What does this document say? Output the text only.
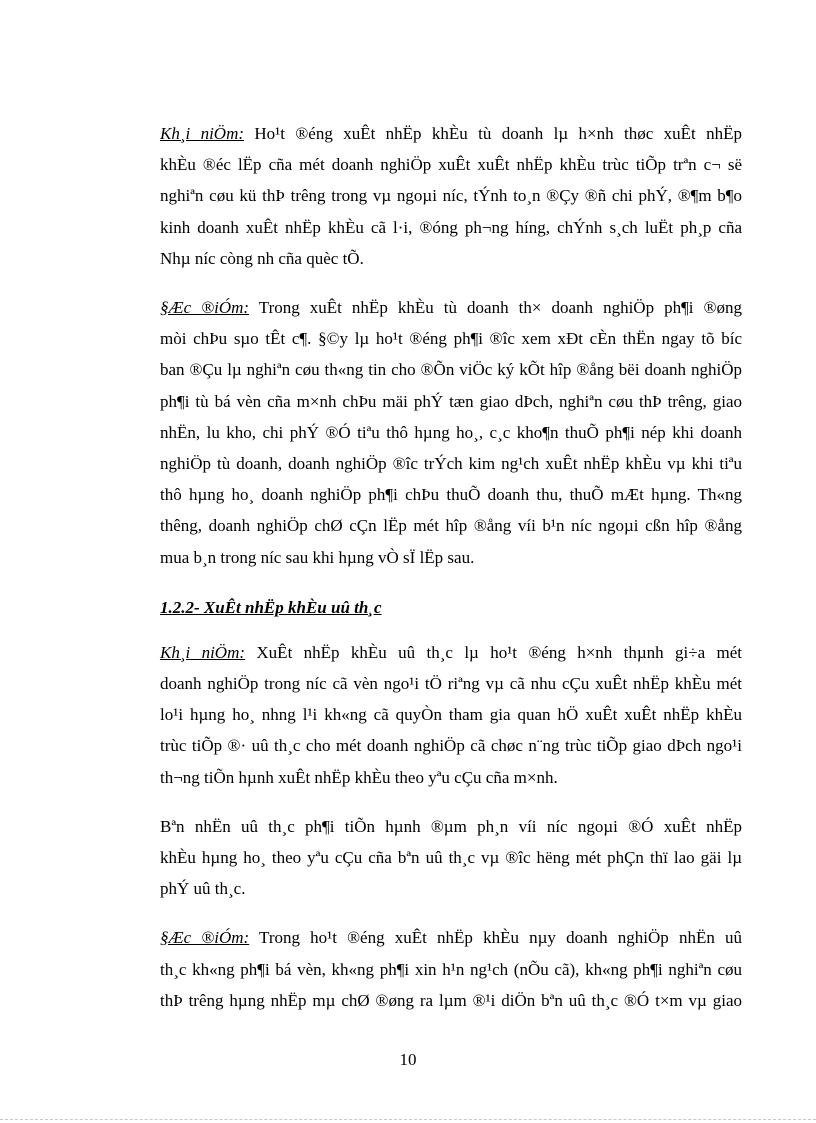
Kh¸i niÖm: Ho¹t ®éng xuÊt nhËp khÈu tù doanh lµ h×nh thøc xuÊt nhËp
khÈu ®éc lËp cña mét doanh nghiÖp xuÊt xuÊt nhËp khÈu trùc tiÕp trªn c¬ së
nghiªn cøu kü thÞ trêng trong vµ ngoµi níc, tÝnh to¸n ®Çy ®ñ chi phÝ, ®¶m b¶o
kinh doanh xuÊt nhËp khÈu cã l·i, ®óng ph¬ng híng, chÝnh s¸ch luËt ph¸p cña
Nhµ níc còng nh cña quèc tÕ.

§Æc ®iÓm: Trong xuÊt nhËp khÈu tù doanh th× doanh nghiÖp ph¶i ®øng
mòi chÞu sµo tÊt c¶. §©y lµ ho¹t ®éng ph¶i ®îc xem xÐt cÈn thËn ngay tõ bíc
ban ®Çu lµ nghiªn cøu th«ng tin cho ®Õn viÖc ký kÕt hîp ®ång bëi doanh nghiÖp
ph¶i tù bá vèn cña m×nh chÞu mäi phÝ tæn giao dÞch, nghiªn cøu thÞ trêng, giao
nhËn, lu kho, chi phÝ ®Ó tiªu thô hµng ho¸, c¸c kho¶n thuÕ ph¶i nép khi doanh
nghiÖp tù doanh, doanh nghiÖp ®îc trÝch kim ng¹ch xuÊt nhËp khÈu vµ khi tiªu
thô hµng ho¸ doanh nghiÖp ph¶i chÞu thuÕ doanh thu, thuÕ mÆt hµng. Th«ng
thêng, doanh nghiÖp chØ cÇn lËp mét hîp ®ång víi b¹n níc ngoµi cßn hîp ®ång
mua b¸n trong níc sau khi hµng vÒ sÏ lËp sau.

1.2.2- XuÊt nhËp khÈu uû th¸c

Kh¸i niÖm: XuÊt nhËp khÈu uû th¸c lµ ho¹t ®éng h×nh thµnh gi÷a mét
doanh nghiÖp trong níc cã vèn ngo¹i tÖ riªng vµ cã nhu cÇu xuÊt nhËp khÈu mét
lo¹i hµng ho¸ nhng l¹i kh«ng cã quyÒn tham gia quan hÖ xuÊt xuÊt nhËp khÈu
trùc tiÕp ®· uû th¸c cho mét doanh nghiÖp cã chøc n¨ng trùc tiÕp giao dÞch ngo¹i
th¬ng tiÕn hµnh xuÊt nhËp khÈu theo yªu cÇu cña m×nh.

Bªn nhËn uû th¸c ph¶i tiÕn hµnh ®µm ph¸n víi níc ngoµi ®Ó xuÊt nhËp
khÈu hµng ho¸ theo yªu cÇu cña bªn uû th¸c vµ ®îc hëng mét phÇn thï lao gäi lµ
phÝ uû th¸c.

§Æc ®iÓm: Trong ho¹t ®éng xuÊt nhËp khÈu nµy doanh nghiÖp nhËn uû
th¸c kh«ng ph¶i bá vèn, kh«ng ph¶i xin h¹n ng¹ch (nÕu cã), kh«ng ph¶i nghiªn cøu
thÞ trêng hµng nhËp mµ chØ ®øng ra lµm ®¹i diÖn bªn uû th¸c ®Ó t×m vµ giao

10
